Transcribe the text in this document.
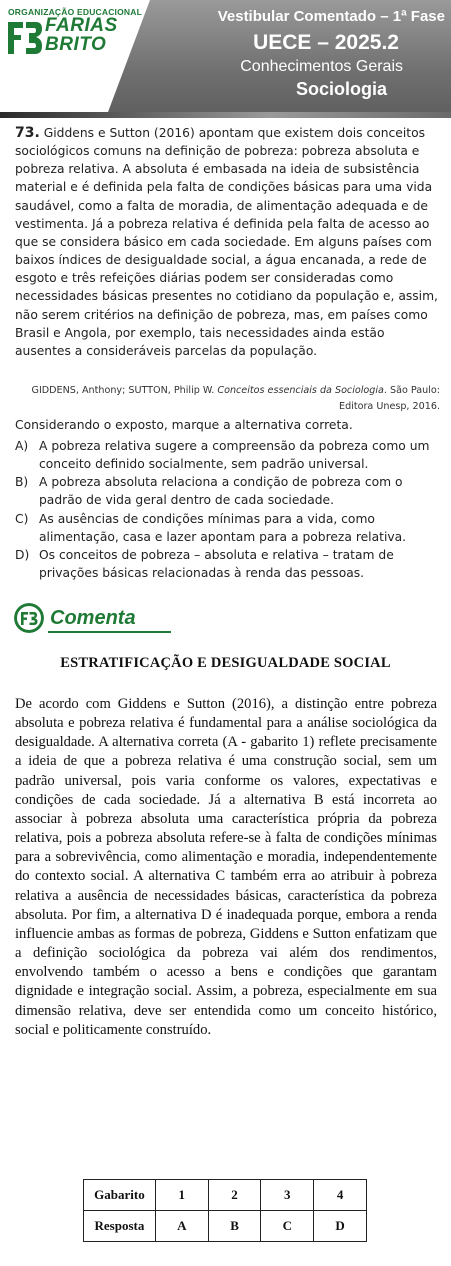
ORGANIZAÇÃO EDUCACIONAL
FARIAS
BRITO
Vestibular Comentado – 1ª Fase
UECE – 2025.2
Conhecimentos Gerais
Sociologia
73. Giddens e Sutton (2016) apontam que existem dois conceitos sociológicos comuns na definição de pobreza: pobreza absoluta e pobreza relativa. A absoluta é embasada na ideia de subsistência material e é definida pela falta de condições básicas para uma vida saudável, como a falta de moradia, de alimentação adequada e de vestimenta. Já a pobreza relativa é definida pela falta de acesso ao que se considera básico em cada sociedade. Em alguns países com baixos índices de desigualdade social, a água encanada, a rede de esgoto e três refeições diárias podem ser consideradas como necessidades básicas presentes no cotidiano da população e, assim, não serem critérios na definição de pobreza, mas, em países como Brasil e Angola, por exemplo, tais necessidades ainda estão ausentes a consideráveis parcelas da população.
GIDDENS, Anthony; SUTTON, Philip W. Conceitos essenciais da Sociologia. São Paulo: Editora Unesp, 2016.
Considerando o exposto, marque a alternativa correta.
A) A pobreza relativa sugere a compreensão da pobreza como um conceito definido socialmente, sem padrão universal.
B) A pobreza absoluta relaciona a condição de pobreza com o padrão de vida geral dentro de cada sociedade.
C) As ausências de condições mínimas para a vida, como alimentação, casa e lazer apontam para a pobreza relativa.
D) Os conceitos de pobreza – absoluta e relativa – tratam de privações básicas relacionadas à renda das pessoas.
Comenta
ESTRATIFICAÇÃO E DESIGUALDADE SOCIAL
De acordo com Giddens e Sutton (2016), a distinção entre pobreza absoluta e pobreza relativa é fundamental para a análise sociológica da desigualdade. A alternativa correta (A - gabarito 1) reflete precisamente a ideia de que a pobreza relativa é uma construção social, sem um padrão universal, pois varia conforme os valores, expectativas e condições de cada sociedade. Já a alternativa B está incorreta ao associar à pobreza absoluta uma característica própria da pobreza relativa, pois a pobreza absoluta refere-se à falta de condições mínimas para a sobrevivência, como alimentação e moradia, independentemente do contexto social. A alternativa C também erra ao atribuir à pobreza relativa a ausência de necessidades básicas, característica da pobreza absoluta. Por fim, a alternativa D é inadequada porque, embora a renda influencie ambas as formas de pobreza, Giddens e Sutton enfatizam que a definição sociológica da pobreza vai além dos rendimentos, envolvendo também o acesso a bens e condições que garantam dignidade e integração social. Assim, a pobreza, especialmente em sua dimensão relativa, deve ser entendida como um conceito histórico, social e politicamente construído.
Gabarito	1	2	3	4
Resposta	A	B	C	D
